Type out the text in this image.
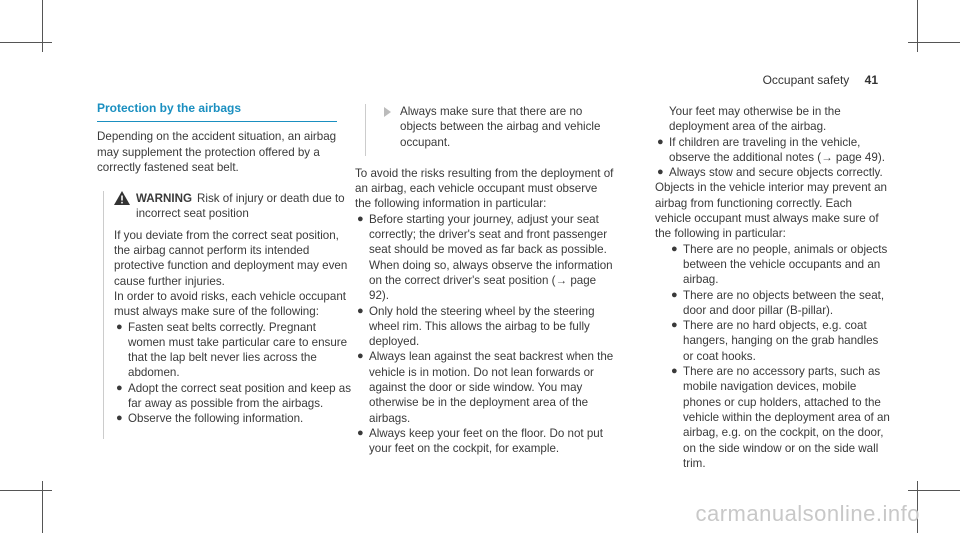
Occupant safety 41
Protection by the airbags

Depending on the accident situation, an airbag may supplement the protection offered by a correctly fastened seat belt.

WARNING Risk of injury or death due to incorrect seat position

If you deviate from the correct seat position, the airbag cannot perform its intended protective function and deployment may even cause further injuries.

In order to avoid risks, each vehicle occupant must always make sure of the following:

● Fasten seat belts correctly. Pregnant women must take particular care to ensure that the lap belt never lies across the abdomen.
● Adopt the correct seat position and keep as far away as possible from the airbags.
● Observe the following information.

Always make sure that there are no objects between the airbag and vehicle occupant.

To avoid the risks resulting from the deployment of an airbag, each vehicle occupant must observe the following information in particular:

● Before starting your journey, adjust your seat correctly; the driver's seat and front passenger seat should be moved as far back as possible.

When doing so, always observe the information on the correct driver's seat position (→ page 92).

● Only hold the steering wheel by the steering wheel rim. This allows the airbag to be fully deployed.
● Always lean against the seat backrest when the vehicle is in motion. Do not lean forwards or against the door or side window. You may otherwise be in the deployment area of the airbags.
● Always keep your feet on the floor. Do not put your feet on the cockpit, for example.

Your feet may otherwise be in the deployment area of the airbag.

● If children are traveling in the vehicle, observe the additional notes (→ page 49).
● Always stow and secure objects correctly.

Objects in the vehicle interior may prevent an airbag from functioning correctly. Each vehicle occupant must always make sure of the following in particular:

● There are no people, animals or objects between the vehicle occupants and an airbag.
● There are no objects between the seat, door and door pillar (B-pillar).
● There are no hard objects, e.g. coat hangers, hanging on the grab handles or coat hooks.
● There are no accessory parts, such as mobile navigation devices, mobile phones or cup holders, attached to the vehicle within the deployment area of an airbag, e.g. on the cockpit, on the door, on the side window or on the side wall trim.
carmanualsonline.info
